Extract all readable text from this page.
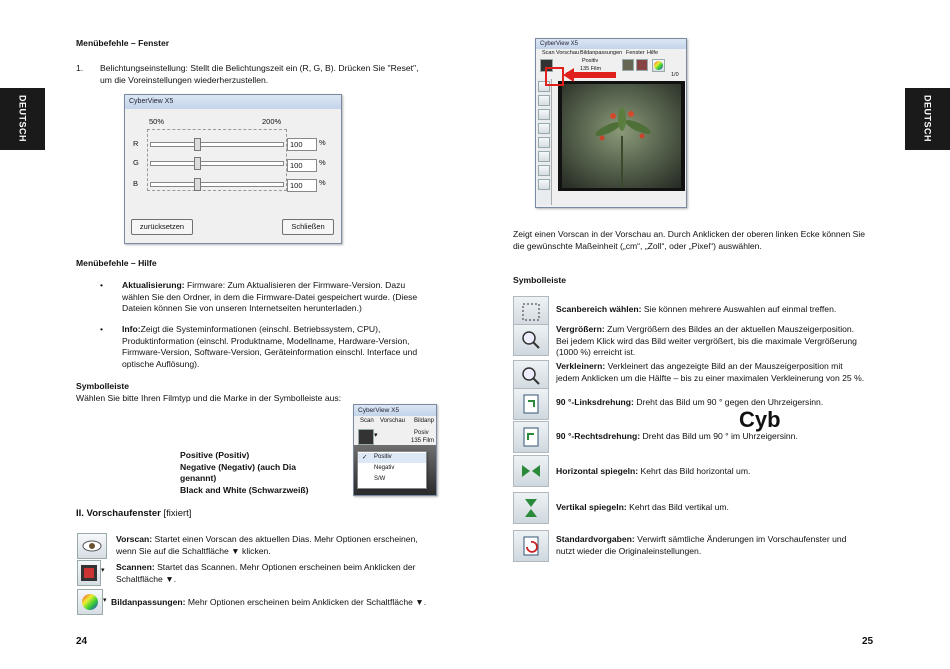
DEUTSCH	DEUTSCH
Menübefehle – Fenster
1. Belichtungseinstellung: Stellt die Belichtungszeit ein (R, G, B). Drücken Sie "Reset",
um die Voreinstellungen wiederherzustellen.
CyberView X5
50%	200%
R	100	%
G	100	%
B	100	%
zurücksetzen	Schließen
Menübefehle – Hilfe
• Aktualisierung: Firmware: Zum Aktualisieren der Firmware-Version. Dazu
wählen Sie den Ordner, in dem die Firmware-Datei gespeichert wurde. (Diese
Dateien können Sie von unseren Internetseiten herunterladen.)
• Info:Zeigt die Systeminformationen (einschl. Betriebssystem, CPU),
Produktinformation (einschl. Produktname, Modellname, Hardware-Version,
Firmware-Version, Software-Version, Geräteinformation einschl. Interface und
optische Auflösung).
Symbolleiste
Wählen Sie bitte Ihren Filmtyp und die Marke in der Symbolleiste aus:
Positive (Positiv)
Negative (Negativ) (auch Dia
genannt)
Black and White (Schwarzweiß)
CyberView X5
Scan Vorschau Bildanp
▾	Posiv
135 Film
✓ Positiv
Negativ
S/W
II. Vorschaufenster [fixiert]
Vorscan: Startet einen Vorscan des aktuellen Dias. Mehr Optionen erscheinen,
wenn Sie auf die Schaltfläche ▼ klicken.
▾ Scannen: Startet das Scannen. Mehr Optionen erscheinen beim Anklicken der
Schaltfläche ▼.
▾ Bildanpassungen: Mehr Optionen erscheinen beim Anklicken der Schaltfläche ▼.
24
CyberView X5
Scan Vorschau Bildanpassungen Fenster Hilfe
Positiv
135 Film
1/0
Zeigt einen Vorscan in der Vorschau an. Durch Anklicken der oberen linken Ecke können Sie
die gewünschte Maßeinheit („cm“, „Zoll“, oder „Pixel“) auswählen.
Symbolleiste
Scanbereich wählen: Sie können mehrere Auswahlen auf einmal treffen.
Vergrößern: Zum Vergrößern des Bildes an der aktuellen Mauszeigerposition.
Bei jedem Klick wird das Bild weiter vergrößert, bis die maximale Vergrößerung
(1000 %) erreicht ist.
Verkleinern: Verkleinert das angezeigte Bild an der Mauszeigerposition mit
jedem Anklicken um die Hälfte – bis zu einer maximalen Verkleinerung von 25 %.
90 °-Linksdrehung: Dreht das Bild um 90 ° gegen den Uhrzeigersinn.
90 °-Rechtsdrehung: Dreht das Bild um 90 ° im Uhrzeigersinn.
Cyb
Horizontal spiegeln: Kehrt das Bild horizontal um.
Vertikal spiegeln: Kehrt das Bild vertikal um.
Standardvorgaben: Verwirft sämtliche Änderungen im Vorschaufenster und
nutzt wieder die Originaleinstellungen.
25
